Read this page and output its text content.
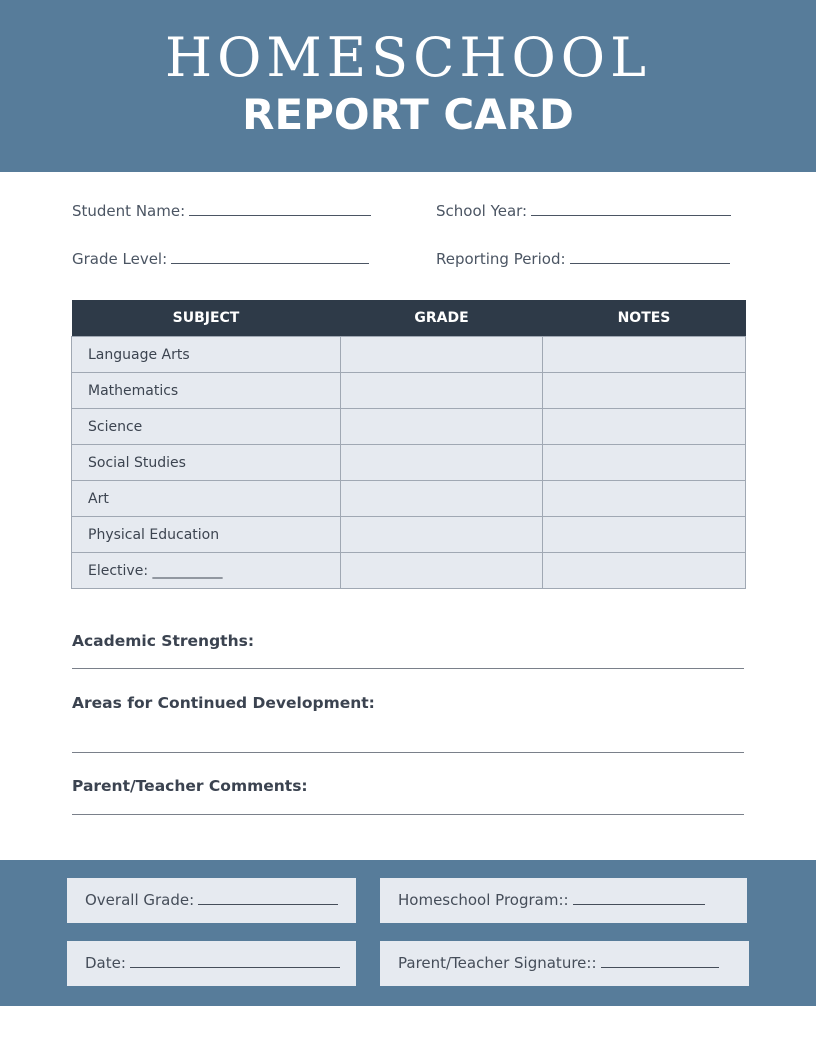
HOMESCHOOL
REPORT CARD
Student Name:	School Year:
Grade Level:	Reporting Period:
SUBJECT	GRADE	NOTES
Language Arts		
Mathematics		
Science		
Social Studies		
Art		
Physical Education		
Elective: __________		
Academic Strengths:
Areas for Continued Development:
Parent/Teacher Comments:
Overall Grade:	Homeschool Program::
Date:	Parent/Teacher Signature::
